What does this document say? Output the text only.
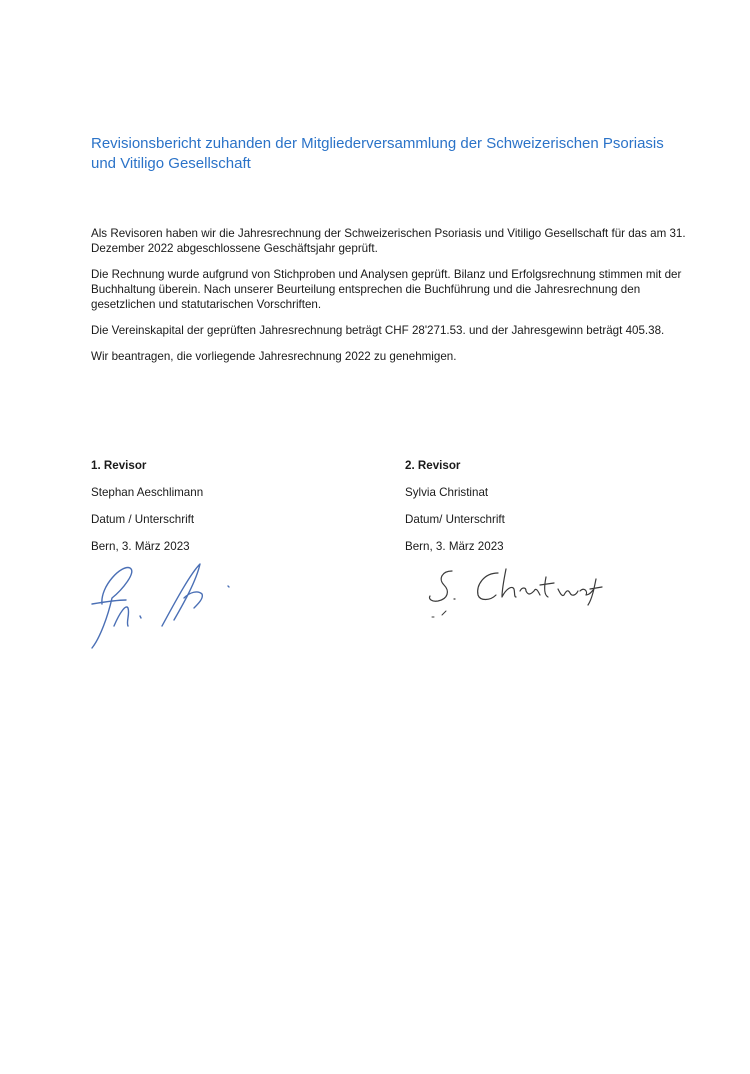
Revisionsbericht zuhanden der Mitgliederversammlung der Schweizerischen Psoriasis und Vitiligo Gesellschaft

Als Revisoren haben wir die Jahresrechnung der Schweizerischen Psoriasis und Vitiligo Gesellschaft für das am 31. Dezember 2022 abgeschlossene Geschäftsjahr geprüft.

Die Rechnung wurde aufgrund von Stichproben und Analysen geprüft. Bilanz und Erfolgsrechnung stimmen mit der Buchhaltung überein. Nach unserer Beurteilung entsprechen die Buchführung und die Jahresrechnung den gesetzlichen und statutarischen Vorschriften.

Die Vereinskapital der geprüften Jahresrechnung beträgt CHF 28'271.53. und der Jahresgewinn beträgt 405.38.

Wir beantragen, die vorliegende Jahresrechnung 2022 zu genehmigen.

1. Revisor
Stephan Aeschlimann
Datum / Unterschrift
Bern, 3. März 2023
2. Revisor
Sylvia Christinat
Datum/ Unterschrift
Bern, 3. März 2023
